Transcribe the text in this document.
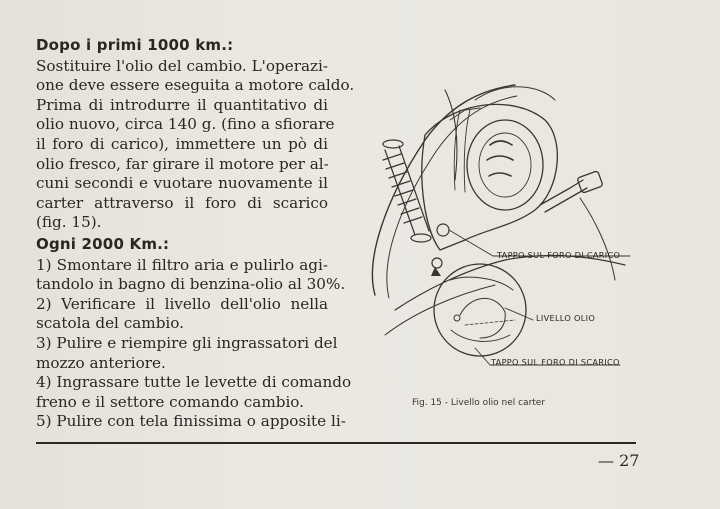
Dopo i primi 1000 km.:
Sostituire l'olio del cambio. L'operazi-
one deve essere eseguita a motore caldo.
Prima di introdurre il quantitativo di
olio nuovo, circa 140 g. (fino a sfiorare
il foro di carico), immettere un pò di
olio fresco, far girare il motore per al-
cuni secondi e vuotare nuovamente il
carter attraverso il foro di scarico
(fig. 15).
Ogni 2000 Km.:
1) Smontare il filtro aria e pulirlo agi-
tandolo in bagno di benzina-olio al 30%.
2) Verificare il livello dell'olio nella
scatola del cambio.
3) Pulire e riempire gli ingrassatori del
mozzo anteriore.
4) Ingrassare tutte le levette di comando
freno e il settore comando cambio.
5) Pulire con tela finissima o apposite li-
TAPPO SUL FORO DI CARICO
LIVELLO OLIO
TAPPO SUL FORO DI SCARICO
Fig. 15 - Livello olio nel carter
— 27
